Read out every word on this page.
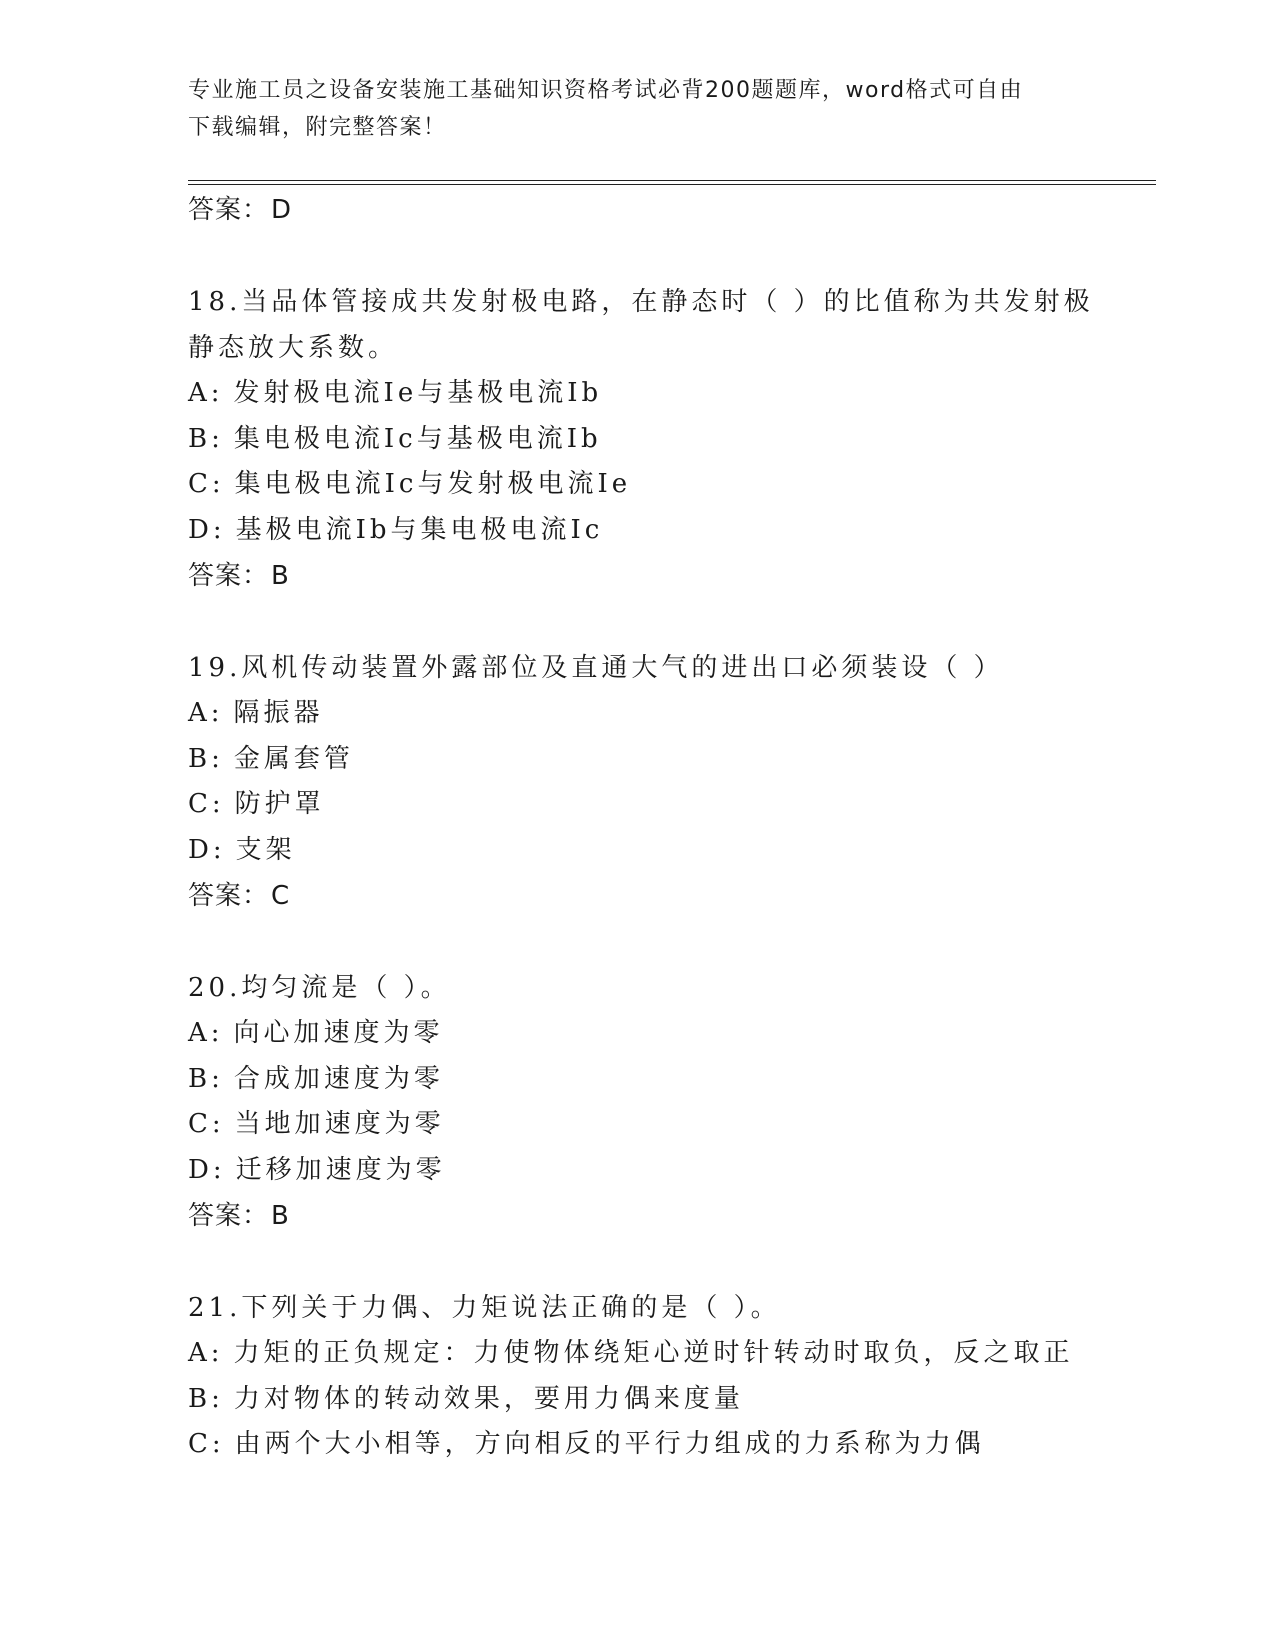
专业施工员之设备安装施工基础知识资格考试必背200题题库，word格式可自由
下载编辑，附完整答案！
答案：D
18.当品体管接成共发射极电路，在静态时（ ）的比值称为共发射极
静态放大系数。
A: 发射极电流Ie与基极电流Ib
B: 集电极电流Ic与基极电流Ib
C: 集电极电流Ic与发射极电流Ie
D: 基极电流Ib与集电极电流Ic
答案：B
19.风机传动装置外露部位及直通大气的进出口必须装设（ ）
A: 隔振器
B: 金属套管
C: 防护罩
D: 支架
答案：C
20.均匀流是（ ）。
A: 向心加速度为零
B: 合成加速度为零
C: 当地加速度为零
D: 迁移加速度为零
答案：B
21.下列关于力偶、力矩说法正确的是（ ）。
A: 力矩的正负规定：力使物体绕矩心逆时针转动时取负，反之取正
B: 力对物体的转动效果，要用力偶来度量
C: 由两个大小相等，方向相反的平行力组成的力系称为力偶
